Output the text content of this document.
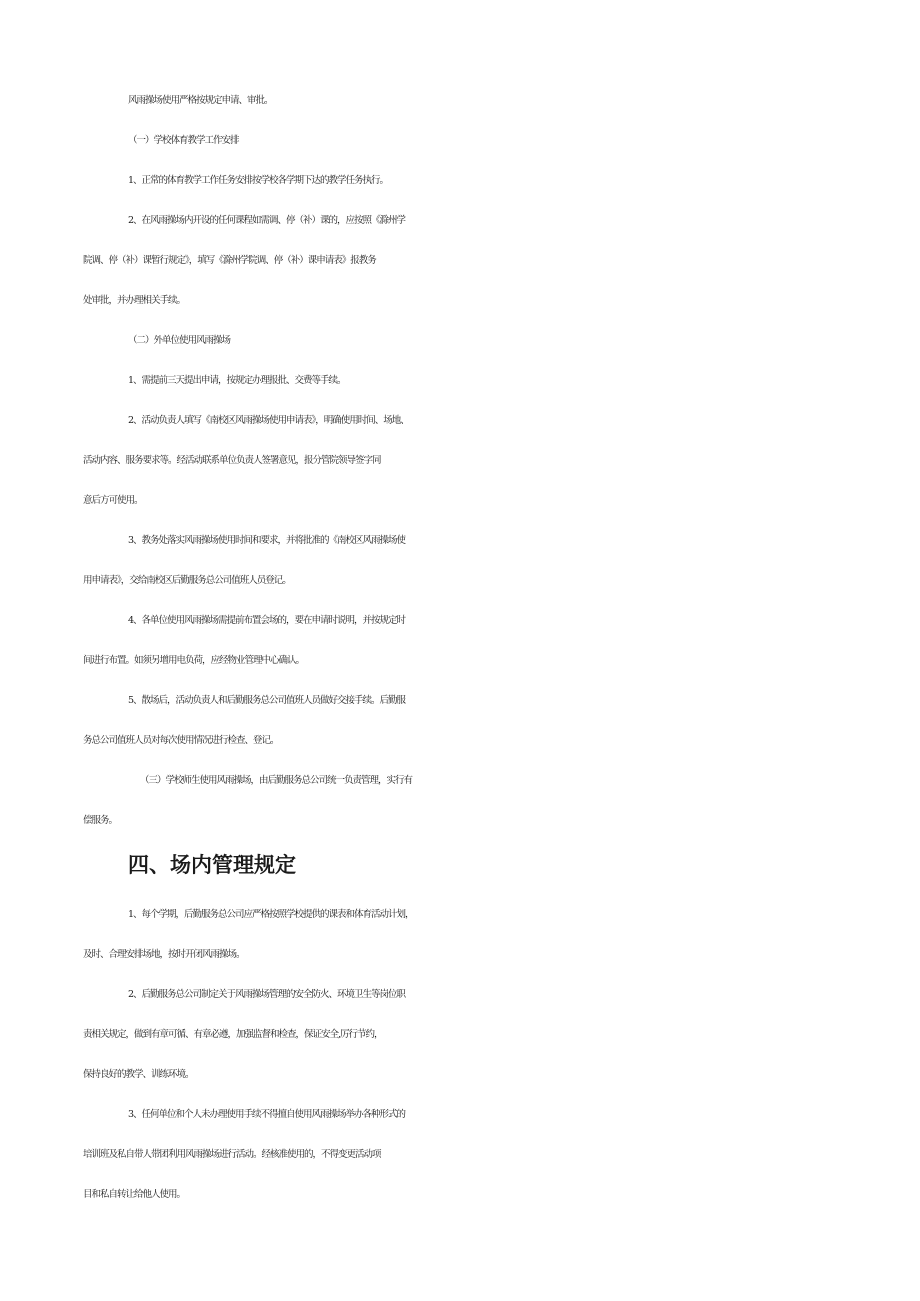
风雨操场使用严格按规定申请、审批。
（一）学校体育教学工作安排
1、正常的体育教学工作任务安排按学校各学期下达的教学任务执行。
2、在风雨操场内开设的任何课程如需调、停（补）课的，应按照《滁州学
院调、停（补）课暂行规定》，填写《滁州学院调、停（补）课申请表》报教务
处审批，并办理相关手续。
（二）外单位使用风雨操场
1、需提前三天提出申请，按规定办理报批、交费等手续。
2、活动负责人填写《南校区风雨操场使用申请表》，明确使用时间、场地、
活动内容、服务要求等。经活动联系单位负责人签署意见，报分管院领导签字同
意后方可使用。
3、教务处落实风雨操场使用时间和要求，并将批准的《南校区风雨操场使
用申请表》，交给南校区后勤服务总公司值班人员登记。
4、各单位使用风雨操场需提前布置会场的，要在申请时说明，并按规定时
间进行布置。如须另增用电负荷，应经物业管理中心确认。
5、散场后，活动负责人和后勤服务总公司值班人员做好交接手续。后勤服
务总公司值班人员对每次使用情况进行检查、登记。
（三）学校师生使用风雨操场，由后勤服务总公司统一负责管理，实行有
偿服务。
四、场内管理规定
1、每个学期，后勤服务总公司应严格按照学校提供的课表和体育活动计划，
及时、合理安排场地，按时开闭风雨操场。
2、后勤服务总公司制定关于风雨操场管理的安全防火、环境卫生等岗位职
责相关规定，做到有章可循、有章必遵，加强监督和检查，保证安全,厉行节约，
保持良好的教学、训练环境。
3、任何单位和个人未办理使用手续不得擅自使用风雨操场举办各种形式的
培训班及私自带人带团利用风雨操场进行活动。经核准使用的，不得变更活动项
目和私自转让给他人使用。
